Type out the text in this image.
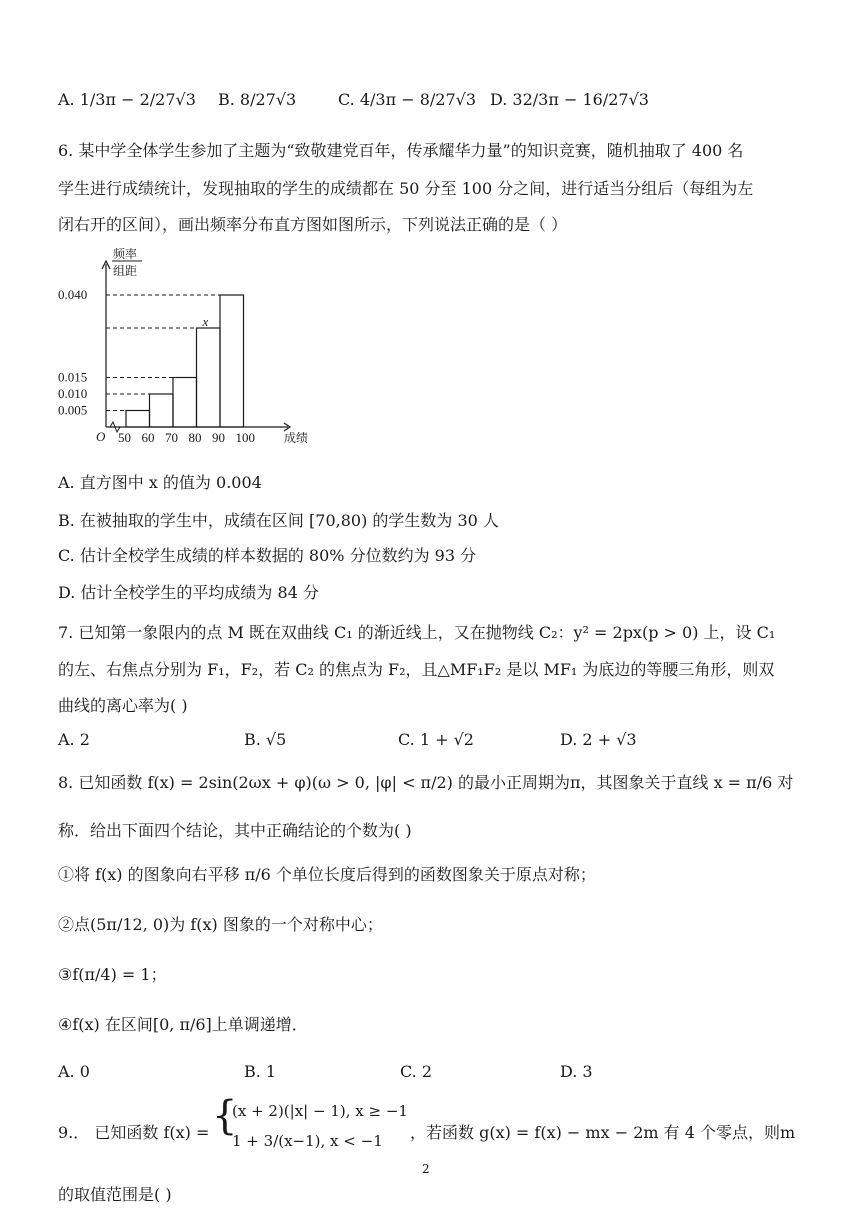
A. 1/3π − 2/27√3 B. 8/27√3	C. 4/3π − 8/27√3 D. 32/3π − 16/27√3
6. 某中学全体学生参加了主题为“致敬建党百年，传承耀华力量”的知识竞赛，随机抽取了 400 名
学生进行成绩统计，发现抽取的学生的成绩都在 50 分至 100 分之间，进行适当分组后（每组为左
闭右开的区间），画出频率分布直方图如图所示，下列说法正确的是（ ）
频率
组距
O
x
0.040
0.015
0.010
0.005
50 60 70 80 90 100 成绩
A. 直方图中 x 的值为 0.004
B. 在被抽取的学生中，成绩在区间 [70,80) 的学生数为 30 人
C. 估计全校学生成绩的样本数据的 80% 分位数约为 93 分
D. 估计全校学生的平均成绩为 84 分
7. 已知第一象限内的点 M 既在双曲线 C₁ 的渐近线上，又在抛物线 C₂：y² = 2px(p > 0) 上，设 C₁
的左、右焦点分别为 F₁，F₂，若 C₂ 的焦点为 F₂，且△MF₁F₂ 是以 MF₁ 为底边的等腰三角形，则双
曲线的离心率为( )
A. 2	B. √5	C. 1 + √2	D. 2 + √3
8. 已知函数 f(x) = 2sin(2ωx + φ)(ω > 0, |φ| < π/2) 的最小正周期为π，其图象关于直线 x = π/6 对
称．给出下面四个结论，其中正确结论的个数为( )
①将 f(x) 的图象向右平移 π/6 个单位长度后得到的函数图象关于原点对称；
②点(5π/12, 0)为 f(x) 图象的一个对称中心；
③f(π/4) = 1；
④f(x) 在区间[0, π/6]上单调递增．
A. 0	B. 1	C. 2	D. 3
9.． 已知函数 f(x) = {
(x + 2)(|x| − 1), x ≥ −1
1 + 3/(x−1), x < −1 ，若函数 g(x) = f(x) − mx − 2m 有 4 个零点，则m
2
的取值范围是( )
